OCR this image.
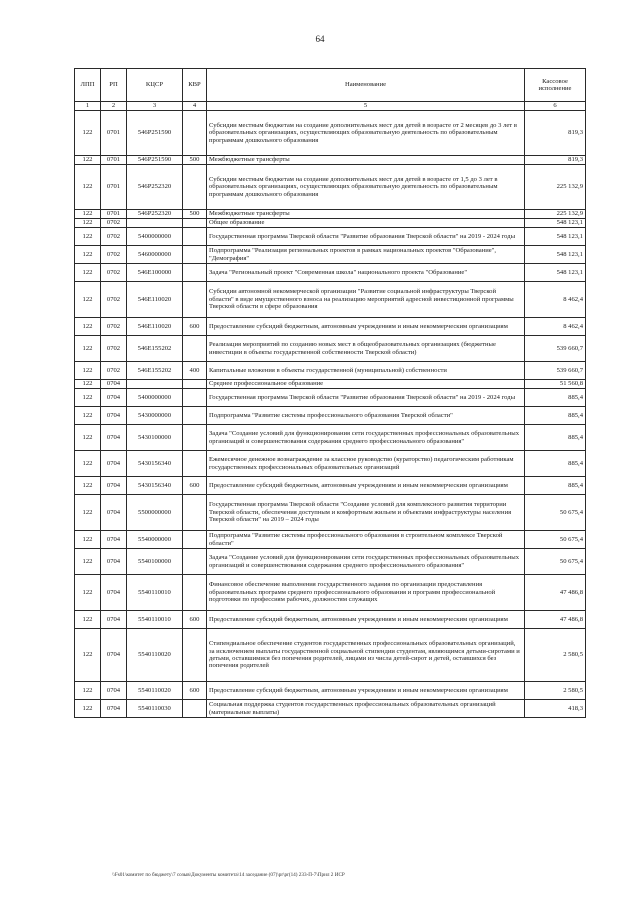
64
ЛПП	РП	КЦСР	КВР	Наименование	Кассовое исполнение
1	2	3	4	5	6
122	0701	546P251590		Субсидии местным бюджетам на создание дополнительных мест для детей в возрасте от 2 месяцев до 3 лет в образовательных организациях, осуществляющих образовательную деятельность по образовательным программам дошкольного образования	819,3
122	0701	546P251590	500	Межбюджетные трансферты	819,3
122	0701	546P252320		Субсидии местным бюджетам на создание дополнительных мест для детей в возрасте от 1,5 до 3 лет в образовательных организациях, осуществляющих образовательную деятельность по образовательным программам дошкольного образования	225 132,9
122	0701	546P252320	500	Межбюджетные трансферты	225 132,9
122	0702			Общее образование	548 123,1
122	0702	5400000000		Государственная программа Тверской области "Развитие образования Тверской области" на 2019 - 2024 годы	548 123,1
122	0702	5460000000		Подпрограмма "Реализация региональных проектов в рамках национальных проектов "Образование", "Демография"	548 123,1
122	0702	546E100000		Задача "Региональный проект "Современная школа" национального проекта "Образование"	548 123,1
122	0702	546E110020		Субсидии автономной некоммерческой организации "Развитие социальной инфраструктуры Тверской области" в виде имущественного взноса на реализацию мероприятий адресной инвестиционной программы Тверской области в сфере образования	8 462,4
122	0702	546E110020	600	Предоставление субсидий бюджетным, автономным учреждениям и иным некоммерческим организациям	8 462,4
122	0702	546E155202		Реализация мероприятий по созданию новых мест в общеобразовательных организациях (бюджетные инвестиции в объекты государственной собственности Тверской области)	539 660,7
122	0702	546E155202	400	Капитальные вложения в объекты государственной (муниципальной) собственности	539 660,7
122	0704			Среднее профессиональное образование	51 560,8
122	0704	5400000000		Государственная программа Тверской области "Развитие образования Тверской области" на 2019 - 2024 годы	885,4
122	0704	5430000000		Подпрограмма "Развитие системы профессионального образования Тверской области"	885,4
122	0704	5430100000		Задача "Создание условий для функционирования сети государственных профессиональных образовательных организаций и совершенствования содержания среднего профессионального образования"	885,4
122	0704	5430156340		Ежемесячное денежное вознаграждение за классное руководство (кураторство) педагогическим работникам государственных профессиональных образовательных организаций	885,4
122	0704	5430156340	600	Предоставление субсидий бюджетным, автономным учреждениям и иным некоммерческим организациям	885,4
122	0704	5500000000		Государственная программа Тверской области "Создание условий для комплексного развития территории Тверской области, обеспечения доступным и комфортным жильем и объектами инфраструктуры населения Тверской области" на 2019 – 2024 годы	50 675,4
122	0704	5540000000		Подпрограмма "Развитие системы профессионального образования в строительном комплексе Тверской области"	50 675,4
122	0704	5540100000		Задача "Создание условий для функционирования сети государственных профессиональных образовательных организаций и совершенствования содержания среднего профессионального образования"	50 675,4
122	0704	5540110010		Финансовое обеспечение выполнения государственного задания по организации предоставления образовательных программ среднего профессионального образования и программ профессиональной подготовки по профессиям рабочих, должностям служащих	47 486,8
122	0704	5540110010	600	Предоставление субсидий бюджетным, автономным учреждениям и иным некоммерческим организациям	47 486,8
122	0704	5540110020		Стипендиальное обеспечение студентов государственных профессиональных образовательных организаций, за исключением выплаты государственной социальной стипендии студентам, являющимся детьми-сиротами и детьми, оставшимися без попечения родителей, лицами из числа детей-сирот и детей, оставшихся без попечения родителей	2 580,5
122	0704	5540110020	600	Предоставление субсидий бюджетным, автономным учреждениям и иным некоммерческим организациям	2 580,5
122	0704	5540110030		Социальная поддержка студентов государственных профессиональных образовательных организаций (материальные выплаты)	418,3
\\Fs01\комитет по бюджету\7 созыв\Документы комитета\14 заседание (07)\pr\pr(14) 233-П-7\Прил 2 ИСР
